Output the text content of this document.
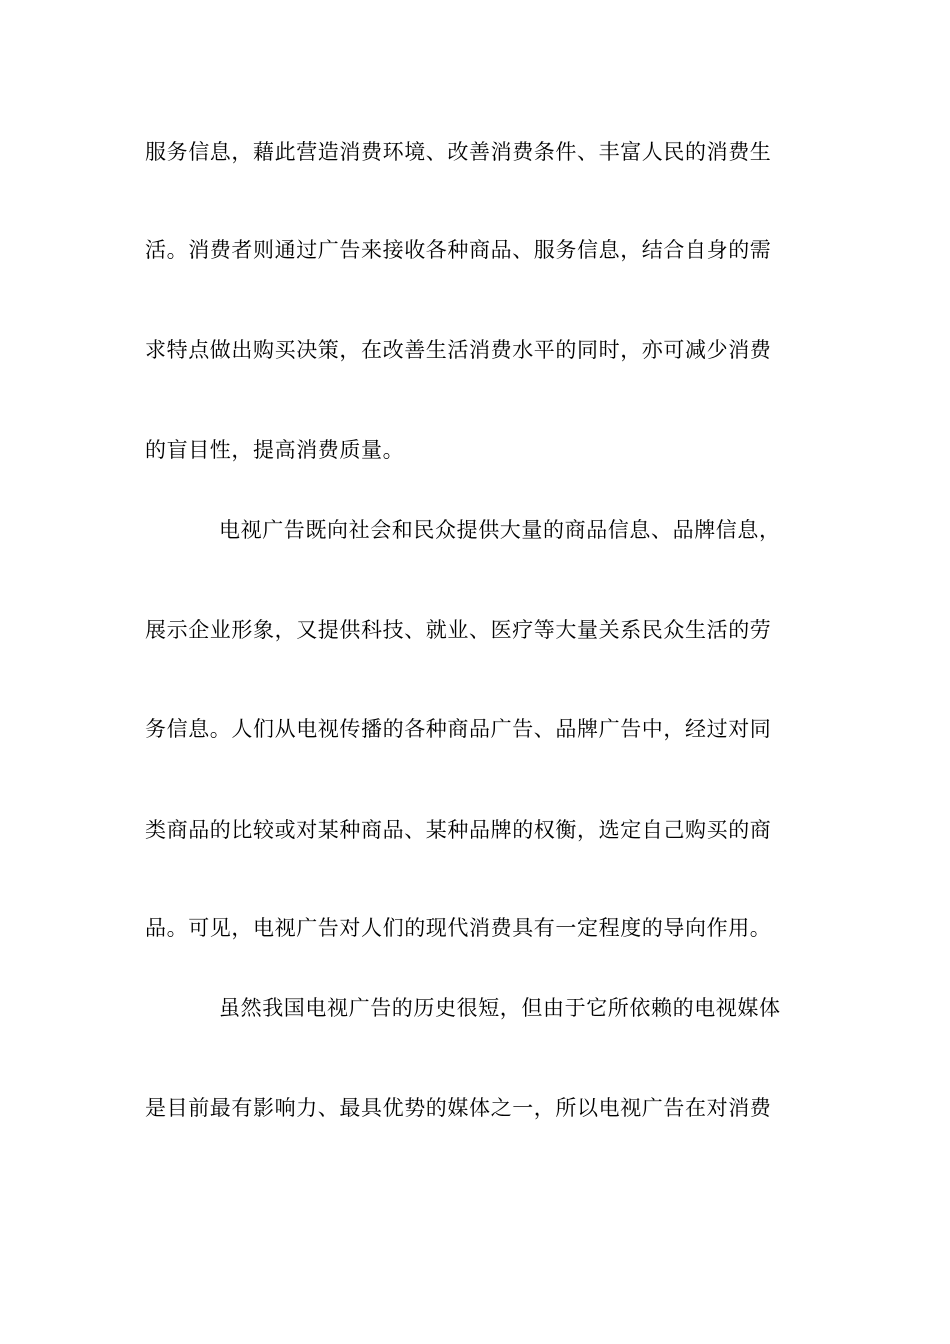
服务信息，藉此营造消费环境、改善消费条件、丰富人民的消费生
活。消费者则通过广告来接收各种商品、服务信息，结合自身的需
求特点做出购买决策，在改善生活消费水平的同时，亦可减少消费
的盲目性，提高消费质量。
电视广告既向社会和民众提供大量的商品信息、品牌信息，
展示企业形象，又提供科技、就业、医疗等大量关系民众生活的劳
务信息。人们从电视传播的各种商品广告、品牌广告中，经过对同
类商品的比较或对某种商品、某种品牌的权衡，选定自己购买的商
品。可见，电视广告对人们的现代消费具有一定程度的导向作用。
虽然我国电视广告的历史很短，但由于它所依赖的电视媒体
是目前最有影响力、最具优势的媒体之一，所以电视广告在对消费
